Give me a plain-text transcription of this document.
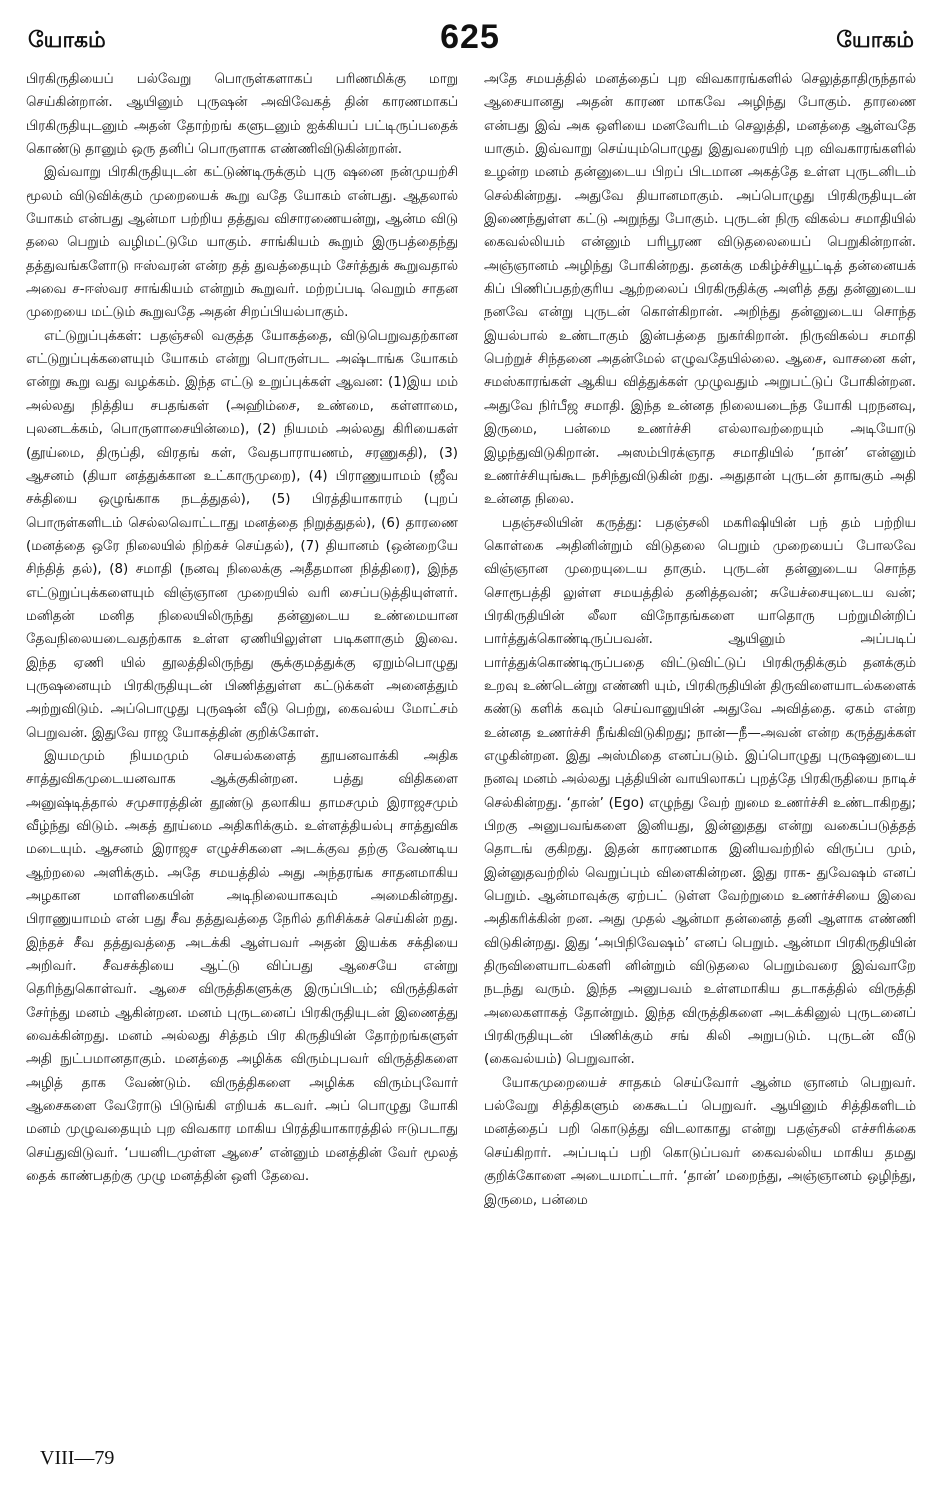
யோகம்	625	யோகம்

பிரகிருதியைப் பல்வேறு பொருள்களாகப் பரிணமிக்கு மாறு செய்கின்றான். ஆயினும் புருஷன் அவிவேகத் தின் காரணமாகப் பிரகிருதியுடனும் அதன் தோற்றங் களுடனும் ஐக்கியப் பட்டிருப்பதைக் கொண்டு தானும் ஒரு தனிப் பொருளாக எண்ணிவிடுகின்றான்.

இவ்வாறு பிரகிருதியுடன் கட்டுண்டிருக்கும் புரு ஷனை நன்முயற்சி மூலம் விடுவிக்கும் முறையைக் கூறு வதே யோகம் என்பது. ஆதலால் யோகம் என்பது ஆன்மா பற்றிய தத்துவ விசாரணையன்று, ஆன்ம விடு தலை பெறும் வழிமட்டுமே யாகும். சாங்கியம் கூறும் இருபத்தைந்து தத்துவங்களோடு ஈஸ்வரன் என்ற தத் துவத்தையும் சேர்த்துக் கூறுவதால் அவை ச-ஈஸ்வர சாங்கியம் என்றும் கூறுவர். மற்றப்படி வெறும் சாதன முறையை மட்டும் கூறுவதே அதன் சிறப்பியல்பாகும்.

எட்டுறுப்புக்கள்: பதஞ்சலி வகுத்த யோகத்தை, விடுபெறுவதற்கான எட்டுறுப்புக்களையும் யோகம் என்று பொருள்பட அஷ்டாங்க யோகம் என்று கூறு வது வழக்கம். இந்த எட்டு உறுப்புக்கள் ஆவன: (1)இய மம் அல்லது நித்திய சபதங்கள் (அஹிம்சை, உண்மை, கள்ளாமை, புலனடக்கம், பொருளாசையின்மை), (2) நியமம் அல்லது கிரியைகள் (தூய்மை, திருப்தி, விரதங் கள், வேதபாராயணம், சரணுகதி), (3) ஆசனம் (தியா னத்துக்கான உட்காருமுறை), (4) பிராணுயாமம் (ஜீவ சக்தியை ஒழுங்காக நடத்துதல்), (5) பிரத்தியாகாரம் (புறப் பொருள்களிடம் செல்லவொட்டாது மனத்தை நிறுத்துதல்), (6) தாரணை (மனத்தை ஒரே நிலையில் நிற்கச் செய்தல்), (7) தியானம் (ஒன்றையே சிந்தித் தல்), (8) சமாதி (நனவு நிலைக்கு அதீதமான நித்திரை), இந்த எட்டுறுப்புக்களையும் விஞ்ஞான முறையில் வரி சைப்படுத்தியுள்ளர். மனிதன் மனித நிலையிலிருந்து தன்னுடைய உண்மையான தேவநிலையடைவதற்காக உள்ள ஏணியிலுள்ள படிகளாகும் இவை. இந்த ஏணி யில் தூலத்திலிருந்து சூக்குமத்துக்கு ஏறும்பொழுது புருஷனையும் பிரகிருதியுடன் பிணித்துள்ள கட்டுக்கள் அனைத்தும் அற்றுவிடும். அப்பொழுது புருஷன் வீடு பெற்று, கைவல்ய மோட்சம் பெறுவன். இதுவே ராஜ யோகத்தின் குறிக்கோள்.

இயமமும் நியமமும் செயல்களைத் தூயனவாக்கி அதிக சாத்துவிகமுடையனவாக ஆக்குகின்றன. பத்து விதிகளை அனுஷ்டித்தால் சமுசாரத்தின் தூண்டு தலாகிய தாமசமும் இராஜசமும் வீழ்ந்து விடும். அகத் தூய்மை அதிகரிக்கும். உள்ளத்தியல்பு சாத்துவிக மடையும். ஆசனம் இராஜச எழுச்சிகளை அடக்குவ தற்கு வேண்டிய ஆற்றலை அளிக்கும். அதே சமயத்தில் அது அந்தரங்க சாதனமாகிய அழகான மாளிகையின் அடிநிலையாகவும் அமைகின்றது. பிராணுயாமம் என் பது சீவ தத்துவத்தை நேரில் தரிசிக்கச் செய்கின் றது. இந்தச் சீவ தத்துவத்தை அடக்கி ஆள்பவர் அதன் இயக்க சக்தியை அறிவர். சீவசக்தியை ஆட்டு விப்பது ஆசையே என்று தெரிந்துகொள்வர். ஆசை விருத்திகளுக்கு இருப்பிடம்; விருத்திகள் சேர்ந்து மனம் ஆகின்றன. மனம் புருடனைப் பிரகிருதியுடன் இணைத்து வைக்கின்றது. மனம் அல்லது சித்தம் பிர கிருதியின் தோற்றங்களுள் அதி நுட்பமானதாகும். மனத்தை அழிக்க விரும்புபவர் விருத்திகளை அழித் தாக வேண்டும். விருத்திகளை அழிக்க விரும்புவோர் ஆசைகளை வேரோடு பிடுங்கி எறியக் கடவர். அப் பொழுது யோகி மனம் முழுவதையும் புற விவகார மாகிய பிரத்தியாகாரத்தில் ஈடுபடாது செய்துவிடுவர். ‘பயனிடமுள்ள ஆசை’ என்னும் மனத்தின் வேர் மூலத் தைக் காண்பதற்கு முழு மனத்தின் ஒளி தேவை.

அதே சமயத்தில் மனத்தைப் புற விவகாரங்களில் செலுத்தாதிருந்தால் ஆசையானது அதன் காரண மாகவே அழிந்து போகும். தாரணை என்பது இவ் அக ஒளியை மனவேரிடம் செலுத்தி, மனத்தை ஆள்வதே யாகும். இவ்வாறு செய்யும்பொழுது இதுவரையிற் புற விவகாரங்களில் உழன்ற மனம் தன்னுடைய பிறப் பிடமான அகத்தே உள்ள புருடனிடம் செல்கின்றது. அதுவே தியானமாகும். அப்பொழுது பிரகிருதியுடன் இணைந்துள்ள கட்டு அறுந்து போகும். புருடன் நிரு விகல்ப சமாதியில் கைவல்லியம் என்னும் பரிபூரண விடுதலையைப் பெறுகின்றான். அஞ்ஞானம் அழிந்து போகின்றது. தனக்கு மகிழ்ச்சியூட்டித் தன்னையக் கிப் பிணிப்பதற்குரிய ஆற்றலைப் பிரகிருதிக்கு அளித் தது தன்னுடைய நனவே என்று புருடன் கொள்கிறான். அறிந்து தன்னுடைய சொந்த இயல்பால் உண்டாகும் இன்பத்தை நுகர்கிறான். நிருவிகல்ப சமாதி பெற்றுச் சிந்தனை அதன்மேல் எழுவதேயில்லை. ஆசை, வாசனை கள், சமஸ்காரங்கள் ஆகிய வித்துக்கள் முழுவதும் அறுபட்டுப் போகின்றன. அதுவே நிர்பீஜ சமாதி. இந்த உன்னத நிலையடைந்த யோகி புறநனவு, இருமை, பன்மை உணர்ச்சி எல்லாவற்றையும் அடியோடு இழந்துவிடுகிறான். அஸம்பிரக்ஞாத சமாதியில் ‘நான்’ என்னும் உணர்ச்சியுங்கூட நசிந்துவிடுகின் றது. அதுதான் புருடன் தாஙகும் அதி உன்னத நிலை.

பதஞ்சலியின் கருத்து: பதஞ்சலி மகரிஷியின் பந் தம் பற்றிய கொள்கை அதினின்றும் விடுதலை பெறும் முறையைப் போலவே விஞ்ஞான முறையுடைய தாகும். புருடன் தன்னுடைய சொந்த சொரூபத்தி லுள்ள சமயத்தில் தனித்தவன்; சுயேச்சையுடைய வன்; பிரகிருதியின் லீலா விநோதங்களை யாதொரு பற்றுமின்றிப் பார்த்துக்கொண்டிருப்பவன். ஆயினும் அப்படிப் பார்த்துக்கொண்டிருப்பதை விட்டுவிட்டுப் பிரகிருதிக்கும் தனக்கும் உறவு உண்டென்று எண்ணி யும், பிரகிருதியின் திருவிளையாடல்களைக் கண்டு களிக் கவும் செய்வானுயின் அதுவே அவித்தை. ஏகம் என்ற உன்னத உணர்ச்சி நீங்கிவிடுகிறது; நான்—நீ—அவன் என்ற கருத்துக்கள் எழுகின்றன. இது அஸ்மிதை எனப்படும். இப்பொழுது புருஷனுடைய நனவு மனம் அல்லது புத்தியின் வாயிலாகப் புறத்தே பிரகிருதியை நாடிச் செல்கின்றது. ‘தான்’ (Ego) எழுந்து வேற் றுமை உணர்ச்சி உண்டாகிறது; பிறகு அனுபவங்களை இனியது, இன்னுதது என்று வகைப்படுத்தத் தொடங் குகிறது. இதன் காரணமாக இனியவற்றில் விருப்ப மும், இன்னுதவற்றில் வெறுப்பும் விளைகின்றன. இது ராக- துவேஷம் எனப் பெறும். ஆன்மாவுக்கு ஏற்பட் டுள்ள வேற்றுமை உணர்ச்சியை இவை அதிகரிக்கின் றன. அது முதல் ஆன்மா தன்னைத் தனி ஆளாக எண்ணி விடுகின்றது. இது ‘அபிநிவேஷம்’ எனப் பெறும். ஆன்மா பிரகிருதியின் திருவிளையாடல்களி னின்றும் விடுதலை பெறும்வரை இவ்வாறே நடந்து வரும். இந்த அனுபவம் உள்ளமாகிய தடாகத்தில் விருத்தி அலைகளாகத் தோன்றும். இந்த விருத்திகளை அடக்கினுல் புருடனைப் பிரகிருதியுடன் பிணிக்கும் சங் கிலி அறுபடும். புருடன் வீடு (கைவல்யம்) பெறுவான்.

யோகமுறையைச் சாதகம் செய்வோர் ஆன்ம ஞானம் பெறுவர். பல்வேறு சித்திகளும் கைகூடப் பெறுவர். ஆயினும் சித்திகளிடம் மனத்தைப் பறி கொடுத்து விடலாகாது என்று பதஞ்சலி எச்சரிக்கை செய்கிறார். அப்படிப் பறி கொடுப்பவர் கைவல்லிய மாகிய தமது குறிக்கோளை அடையமாட்டார். ‘தான்’ மறைந்து, அஞ்ஞானம் ஒழிந்து, இருமை, பன்மை

VIII—79
